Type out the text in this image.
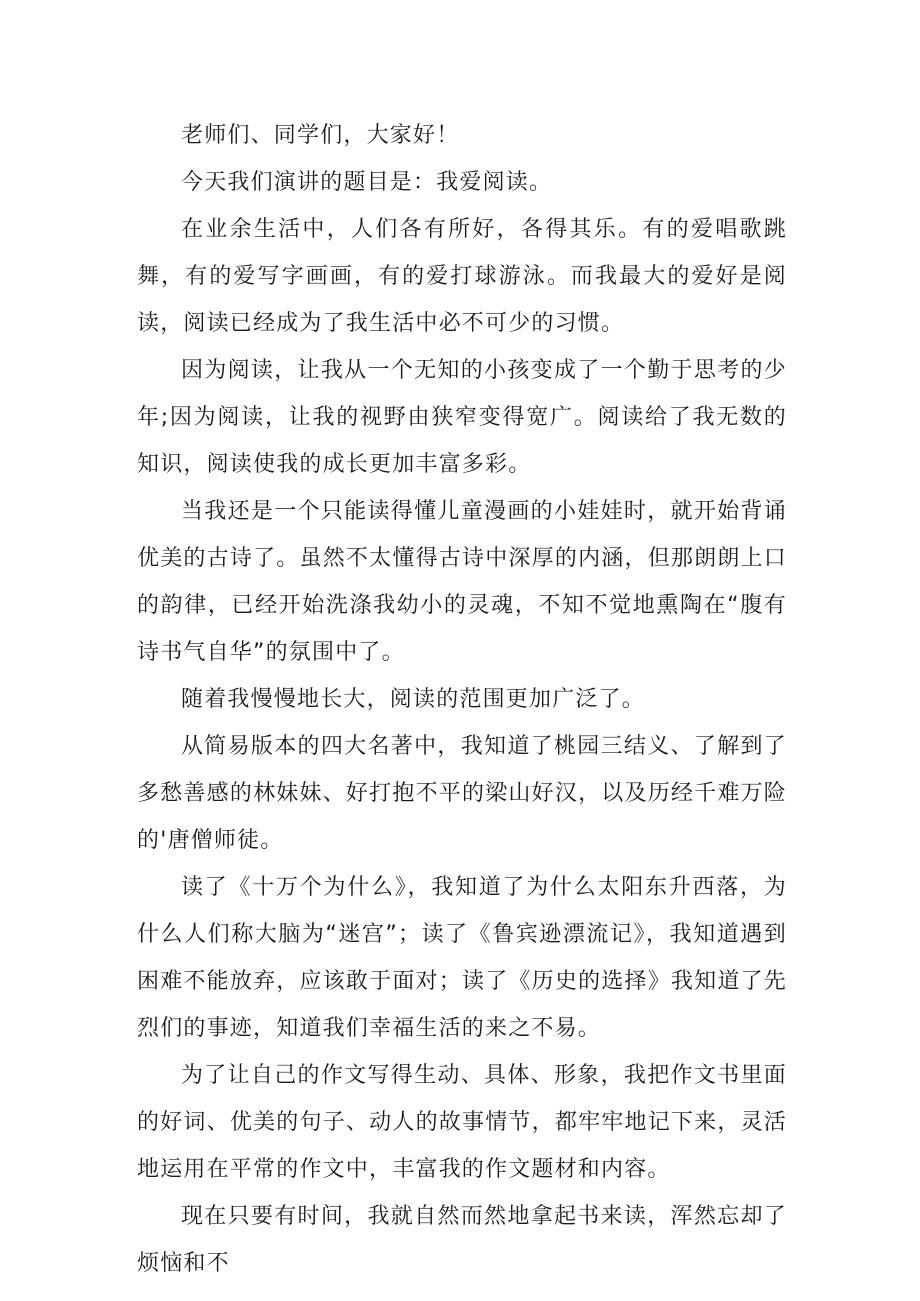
老师们、同学们，大家好！

今天我们演讲的题目是：我爱阅读。

在业余生活中，人们各有所好，各得其乐。有的爱唱歌跳舞，有的爱写字画画，有的爱打球游泳。而我最大的爱好是阅读，阅读已经成为了我生活中必不可少的习惯。

因为阅读，让我从一个无知的小孩变成了一个勤于思考的少年;因为阅读，让我的视野由狭窄变得宽广。阅读给了我无数的知识，阅读使我的成长更加丰富多彩。

当我还是一个只能读得懂儿童漫画的小娃娃时，就开始背诵优美的古诗了。虽然不太懂得古诗中深厚的内涵，但那朗朗上口的韵律，已经开始洗涤我幼小的灵魂，不知不觉地熏陶在“腹有诗书气自华”的氛围中了。

随着我慢慢地长大，阅读的范围更加广泛了。

从简易版本的四大名著中，我知道了桃园三结义、了解到了多愁善感的林妹妹、好打抱不平的梁山好汉，以及历经千难万险的'唐僧师徒。

读了《十万个为什么》，我知道了为什么太阳东升西落，为什么人们称大脑为“迷宫”；读了《鲁宾逊漂流记》，我知道遇到困难不能放弃，应该敢于面对；读了《历史的选择》我知道了先烈们的事迹，知道我们幸福生活的来之不易。

为了让自己的作文写得生动、具体、形象，我把作文书里面的好词、优美的句子、动人的故事情节，都牢牢地记下来，灵活地运用在平常的作文中，丰富我的作文题材和内容。

现在只要有时间，我就自然而然地拿起书来读，浑然忘却了烦恼和不
